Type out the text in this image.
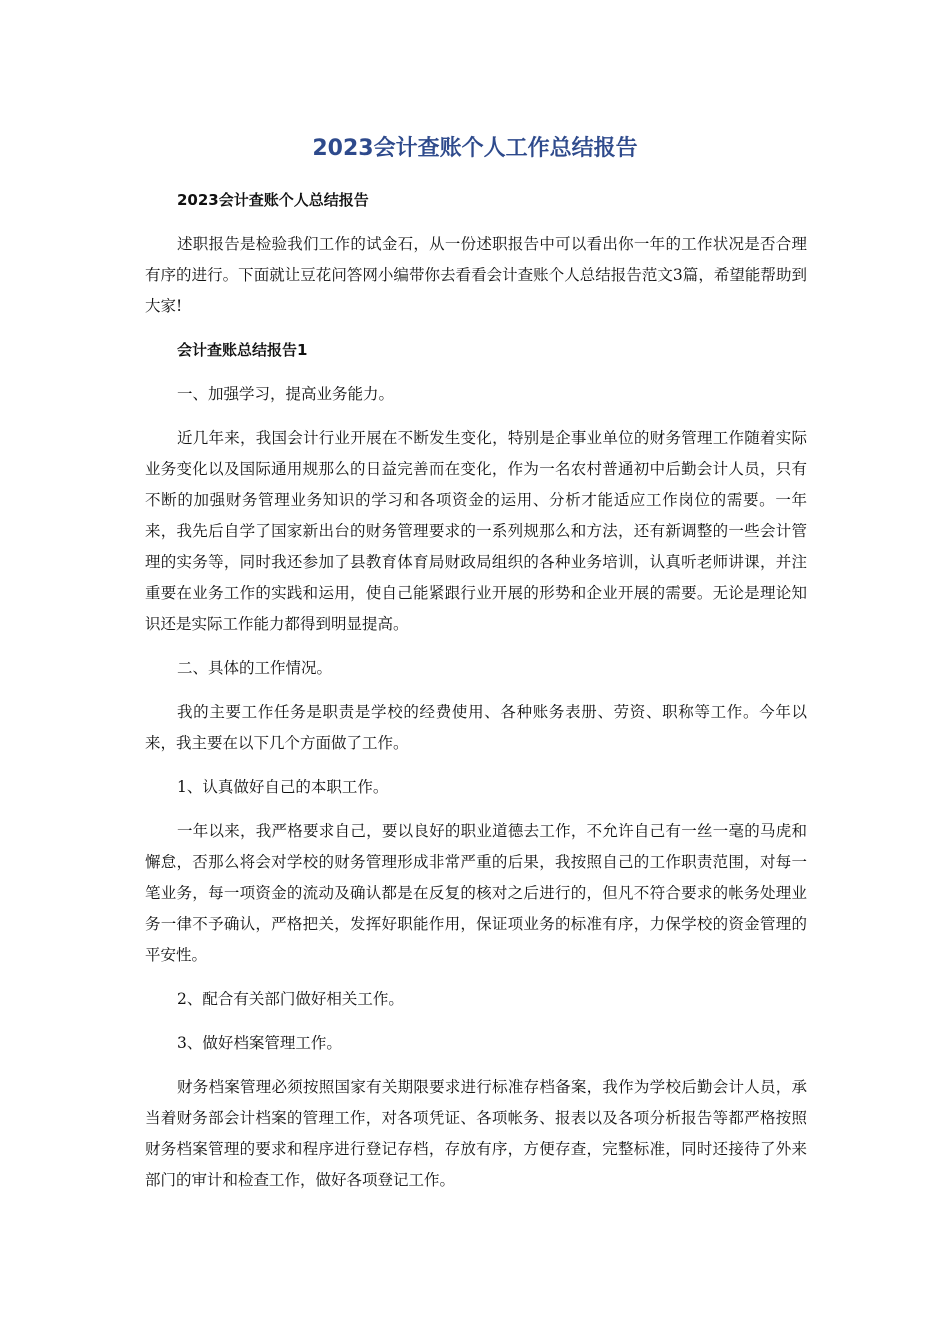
2023会计查账个人工作总结报告

2023会计查账个人总结报告

述职报告是检验我们工作的试金石，从一份述职报告中可以看出你一年的工作状况是否合理有序的进行。下面就让豆花问答网小编带你去看看会计查账个人总结报告范文3篇，希望能帮助到大家!

会计查账总结报告1

一、加强学习，提高业务能力。

近几年来，我国会计行业开展在不断发生变化，特别是企事业单位的财务管理工作随着实际业务变化以及国际通用规那么的日益完善而在变化，作为一名农村普通初中后勤会计人员，只有不断的加强财务管理业务知识的学习和各项资金的运用、分析才能适应工作岗位的需要。一年来，我先后自学了国家新出台的财务管理要求的一系列规那么和方法，还有新调整的一些会计管理的实务等，同时我还参加了县教育体育局财政局组织的各种业务培训，认真听老师讲课，并注重要在业务工作的实践和运用，使自己能紧跟行业开展的形势和企业开展的需要。无论是理论知识还是实际工作能力都得到明显提高。

二、具体的工作情况。

我的主要工作任务是职责是学校的经费使用、各种账务表册、劳资、职称等工作。今年以来，我主要在以下几个方面做了工作。

1、认真做好自己的本职工作。

一年以来，我严格要求自己，要以良好的职业道德去工作，不允许自己有一丝一毫的马虎和懈怠，否那么将会对学校的财务管理形成非常严重的后果，我按照自己的工作职责范围，对每一笔业务，每一项资金的流动及确认都是在反复的核对之后进行的，但凡不符合要求的帐务处理业务一律不予确认，严格把关，发挥好职能作用，保证项业务的标准有序，力保学校的资金管理的平安性。

2、配合有关部门做好相关工作。

3、做好档案管理工作。

财务档案管理必须按照国家有关期限要求进行标准存档备案，我作为学校后勤会计人员，承当着财务部会计档案的管理工作，对各项凭证、各项帐务、报表以及各项分析报告等都严格按照财务档案管理的要求和程序进行登记存档，存放有序，方便存查，完整标准，同时还接待了外来部门的审计和检查工作，做好各项登记工作。
